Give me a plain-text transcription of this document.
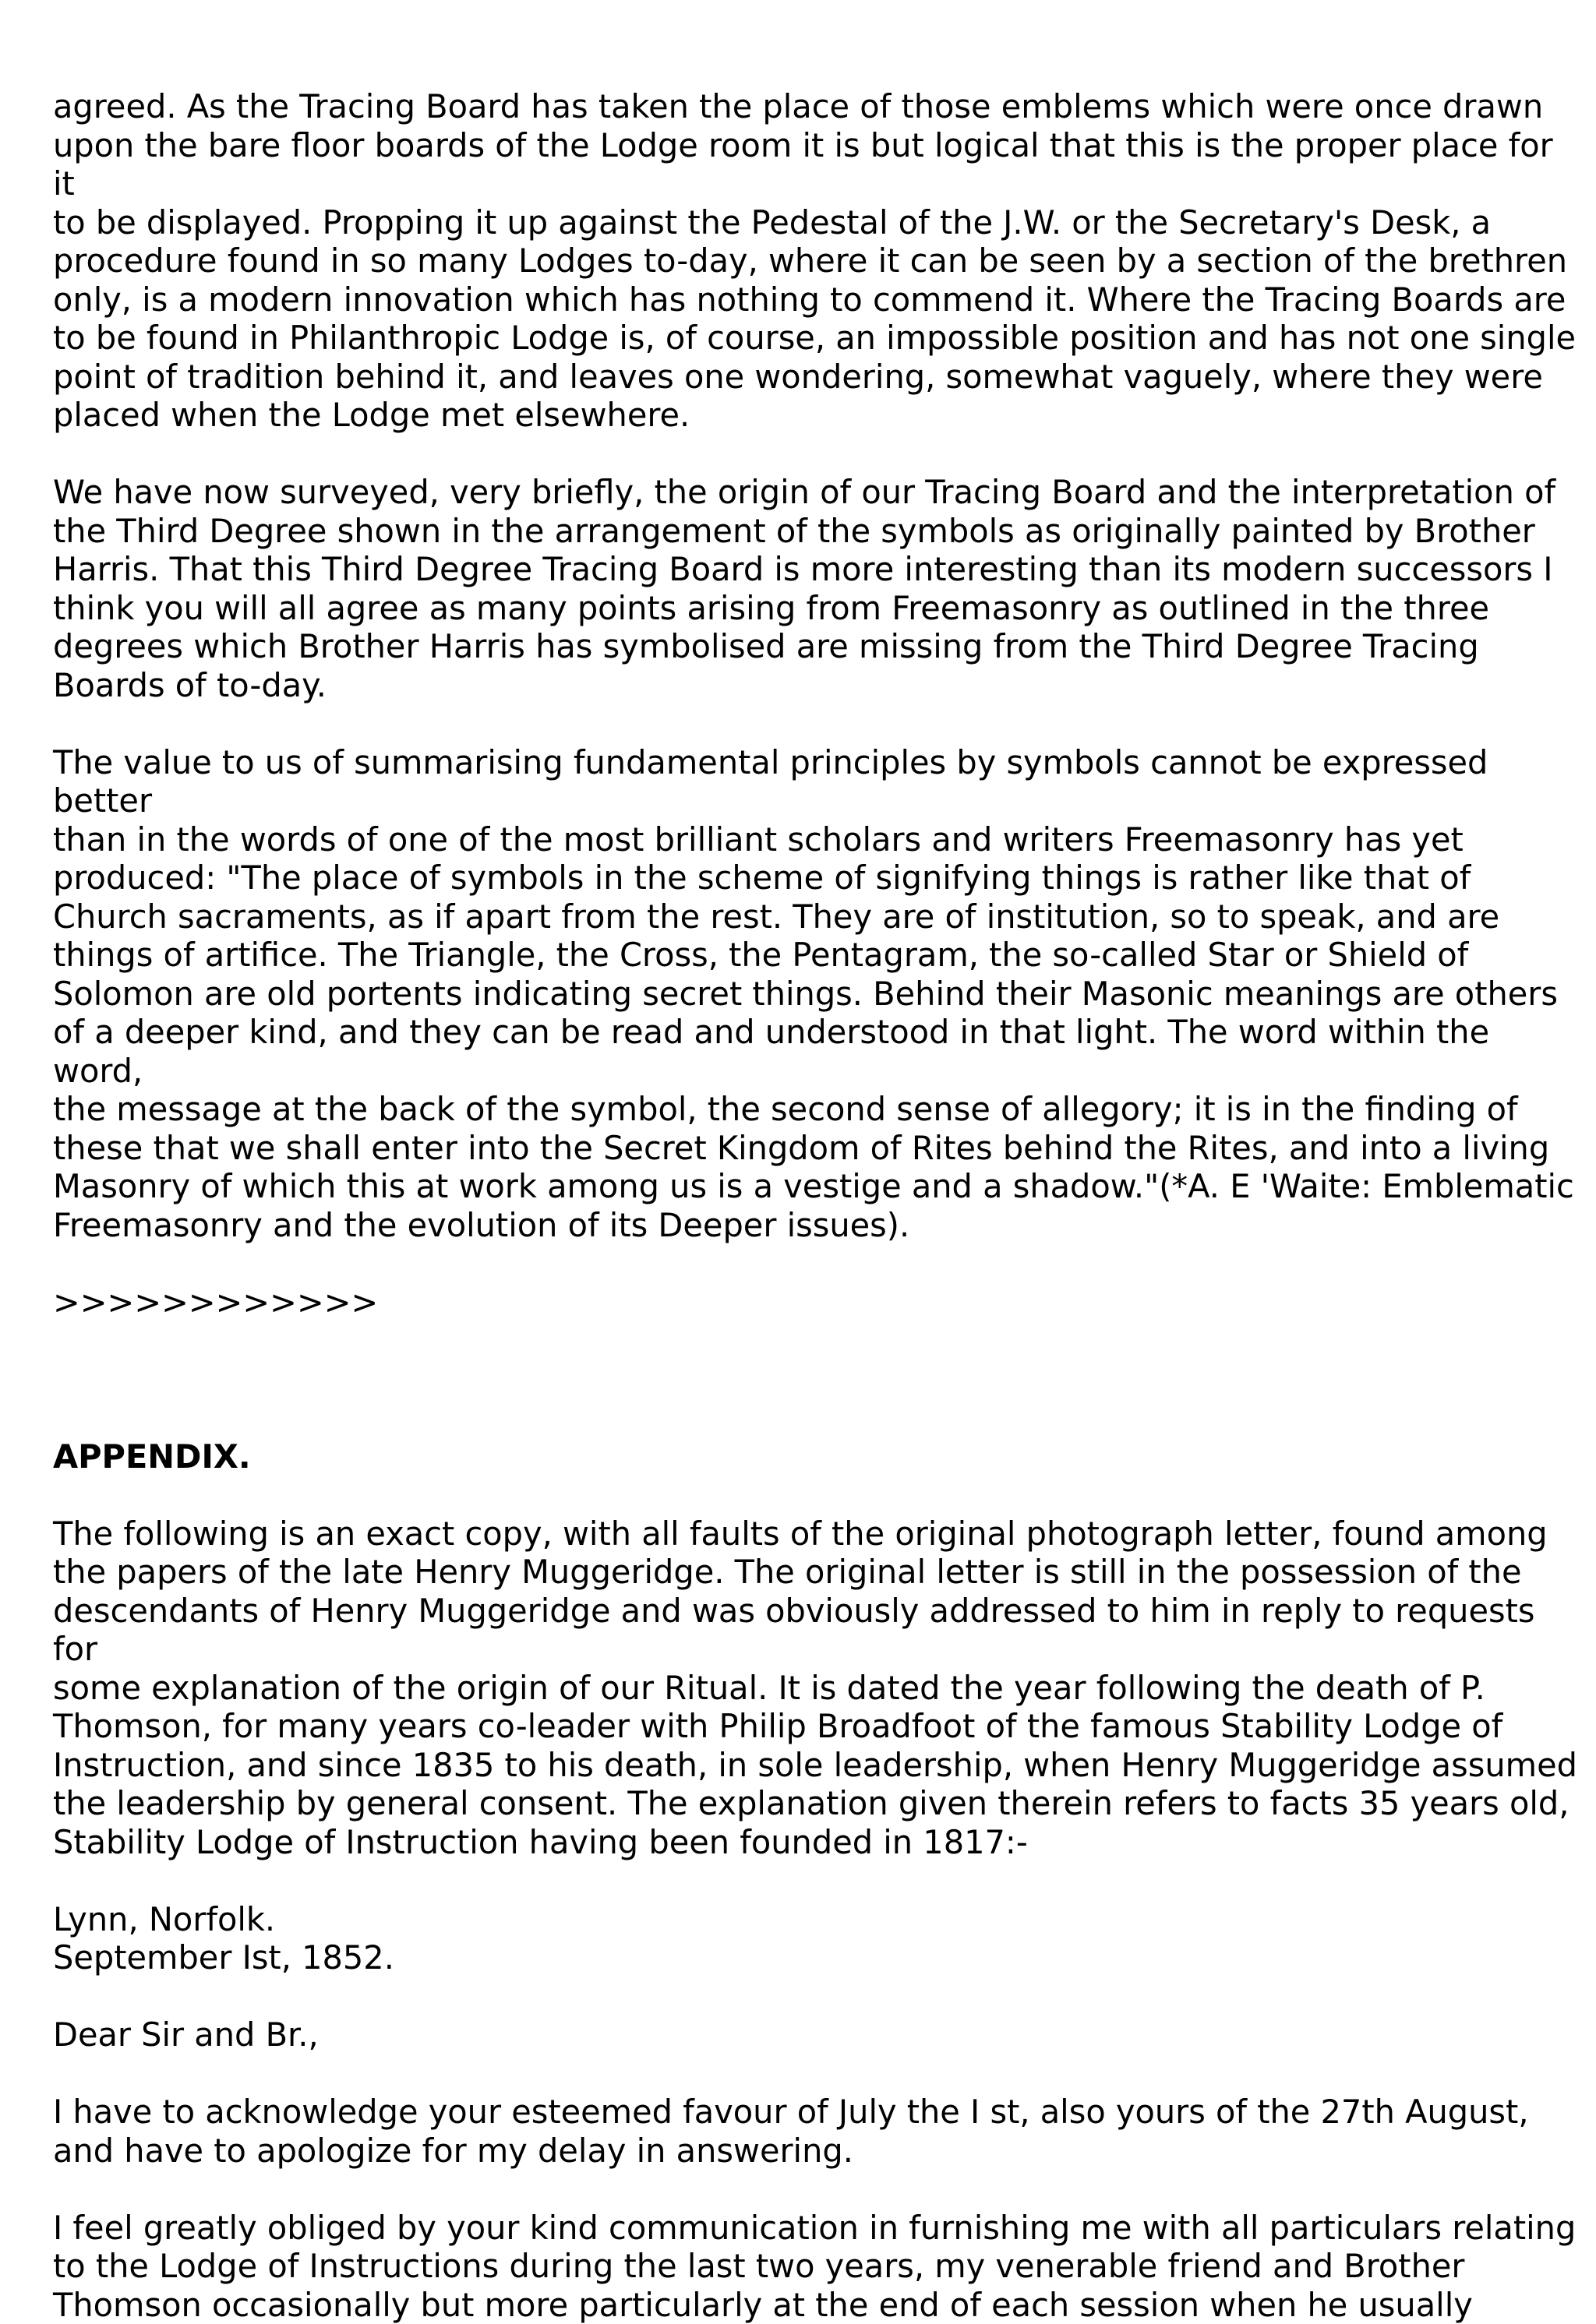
agreed. As the Tracing Board has taken the place of those emblems which were once drawn
upon the bare floor boards of the Lodge room it is but logical that this is the proper place for it
to be displayed. Propping it up against the Pedestal of the J.W. or the Secretary's Desk, a
procedure found in so many Lodges to-day, where it can be seen by a section of the brethren
only, is a modern innovation which has nothing to commend it. Where the Tracing Boards are
to be found in Philanthropic Lodge is, of course, an impossible position and has not one single
point of tradition behind it, and leaves one wondering, somewhat vaguely, where they were
placed when the Lodge met elsewhere.

We have now surveyed, very briefly, the origin of our Tracing Board and the interpretation of
the Third Degree shown in the arrangement of the symbols as originally painted by Brother
Harris. That this Third Degree Tracing Board is more interesting than its modern successors I
think you will all agree as many points arising from Freemasonry as outlined in the three
degrees which Brother Harris has symbolised are missing from the Third Degree Tracing
Boards of to-day.

The value to us of summarising fundamental principles by symbols cannot be expressed better
than in the words of one of the most brilliant scholars and writers Freemasonry has yet
produced: "The place of symbols in the scheme of signifying things is rather like that of
Church sacraments, as if apart from the rest. They are of institution, so to speak, and are
things of artifice. The Triangle, the Cross, the Pentagram, the so-called Star or Shield of
Solomon are old portents indicating secret things. Behind their Masonic meanings are others
of a deeper kind, and they can be read and understood in that light. The word within the word,
the message at the back of the symbol, the second sense of allegory; it is in the finding of
these that we shall enter into the Secret Kingdom of Rites behind the Rites, and into a living
Masonry of which this at work among us is a vestige and a shadow."(*A. E 'Waite: Emblematic
Freemasonry and the evolution of its Deeper issues).

>>>>>>>>>>>>

APPENDIX.

The following is an exact copy, with all faults of the original photograph letter, found among
the papers of the late Henry Muggeridge. The original letter is still in the possession of the
descendants of Henry Muggeridge and was obviously addressed to him in reply to requests for
some explanation of the origin of our Ritual. It is dated the year following the death of P.
Thomson, for many years co-leader with Philip Broadfoot of the famous Stability Lodge of
Instruction, and since 1835 to his death, in sole leadership, when Henry Muggeridge assumed
the leadership by general consent. The explanation given therein refers to facts 35 years old,
Stability Lodge of Instruction having been founded in 1817:-

Lynn, Norfolk.
September Ist, 1852.

Dear Sir and Br.,

I have to acknowledge your esteemed favour of July the I st, also yours of the 27th August,
and have to apologize for my delay in answering.

I feel greatly obliged by your kind communication in furnishing me with all particulars relating
to the Lodge of Instructions during the last two years, my venerable friend and Brother
Thomson occasionally but more particularly at the end of each session when he usually
